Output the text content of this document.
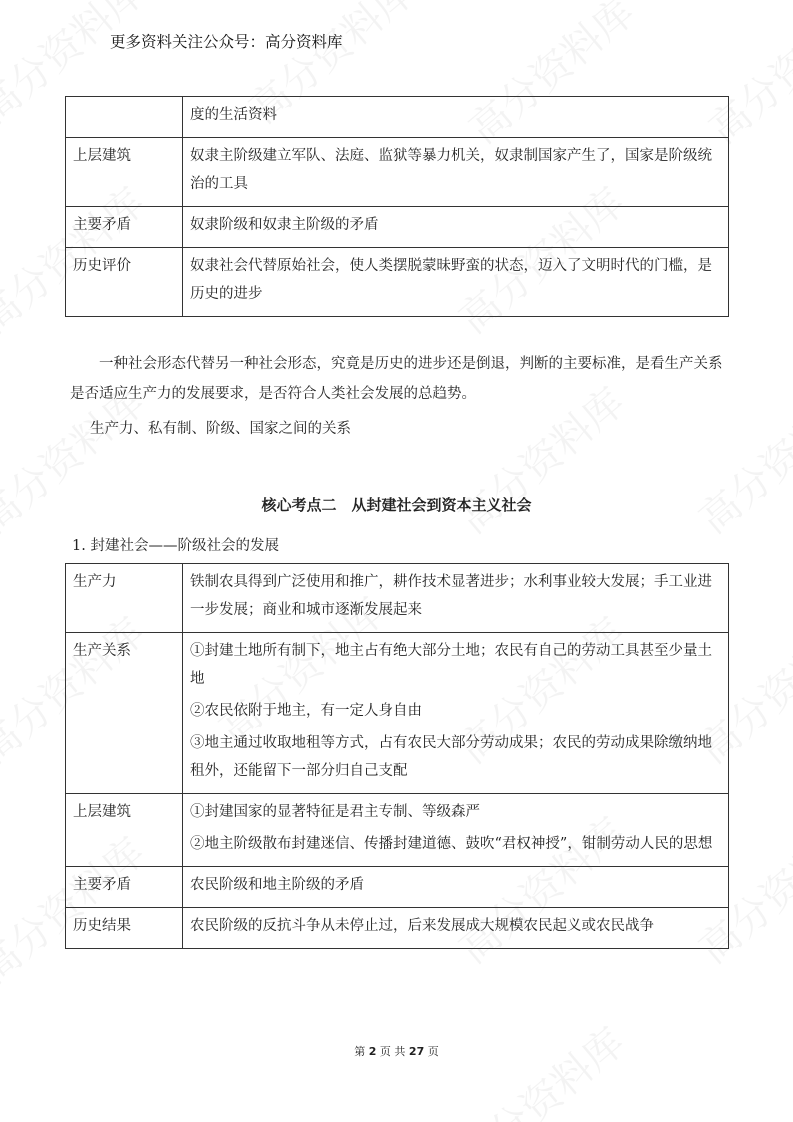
更多资料关注公众号：高分资料库

	度的生活资料

上层建筑	奴隶主阶级建立军队、法庭、监狱等暴力机关，奴隶制国家产生了，国家是阶级统治的工具

主要矛盾	奴隶阶级和奴隶主阶级的矛盾

历史评价	奴隶社会代替原始社会，使人类摆脱蒙昧野蛮的状态，迈入了文明时代的门槛，是历史的进步
一种社会形态代替另一种社会形态，究竟是历史的进步还是倒退，判断的主要标准，是看生产关系是否适应生产力的发展要求，是否符合人类社会发展的总趋势。
生产力、私有制、阶级、国家之间的关系
核心考点二　从封建社会到资本主义社会
1. 封建社会——阶级社会的发展
生产力	铁制农具得到广泛使用和推广，耕作技术显著进步；水利事业较大发展；手工业进一步发展；商业和城市逐渐发展起来

生产关系	①封建土地所有制下，地主占有绝大部分土地；农民有自己的劳动工具甚至少量土地
②农民依附于地主，有一定人身自由
③地主通过收取地租等方式，占有农民大部分劳动成果；农民的劳动成果除缴纳地租外，还能留下一部分归自己支配

上层建筑	①封建国家的显著特征是君主专制、等级森严
②地主阶级散布封建迷信、传播封建道德、鼓吹“君权神授”，钳制劳动人民的思想

主要矛盾	农民阶级和地主阶级的矛盾

历史结果	农民阶级的反抗斗争从未停止过，后来发展成大规模农民起义或农民战争
第 2 页 共 27 页
